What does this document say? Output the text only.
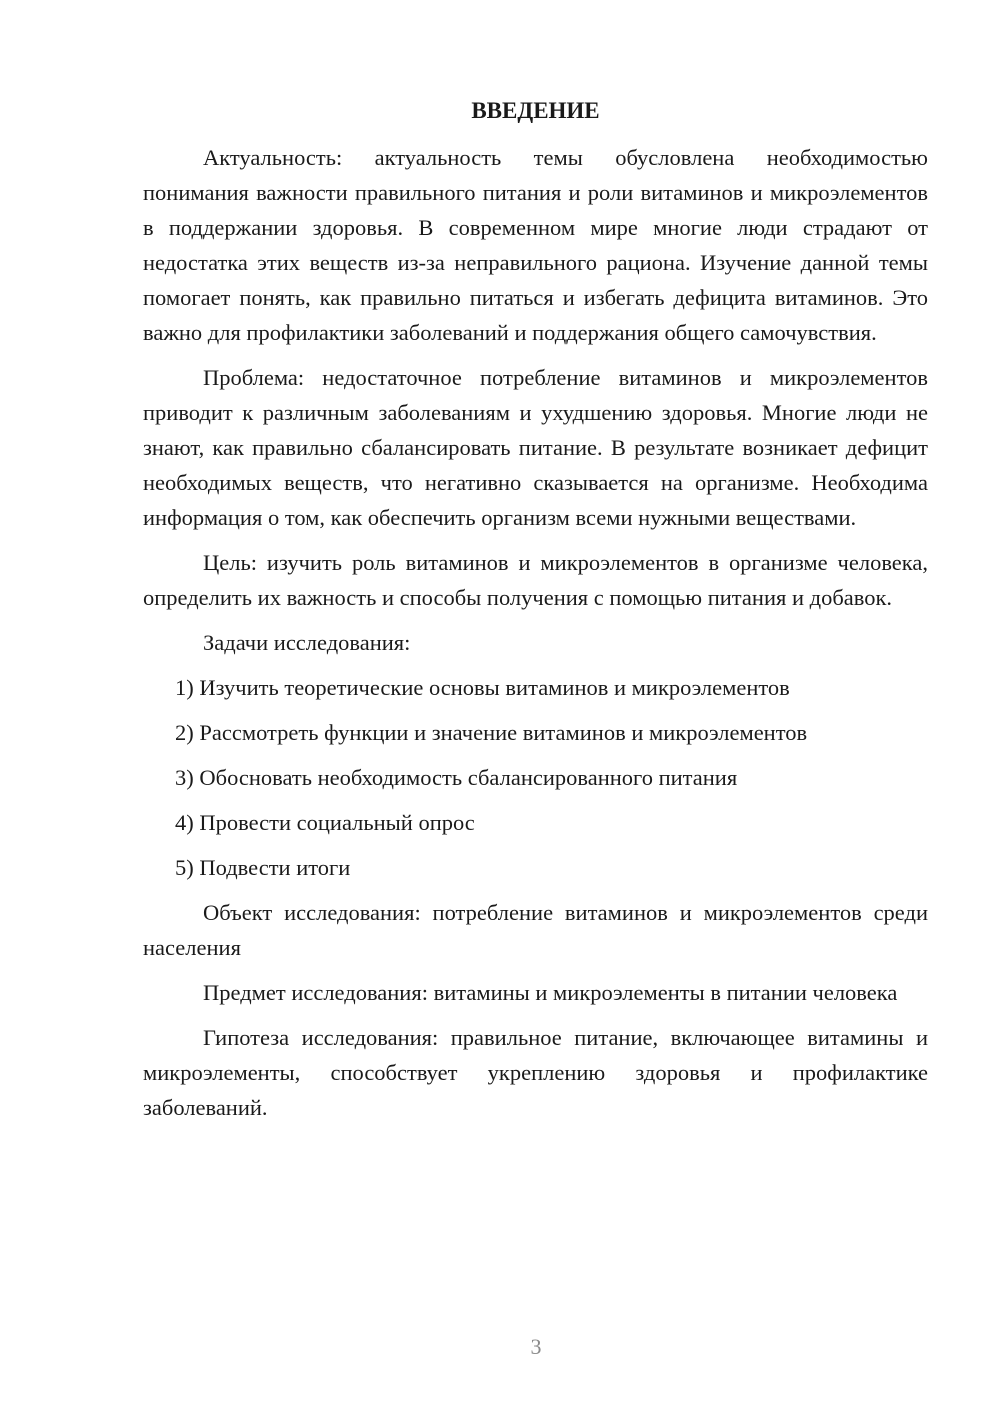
ВВЕДЕНИЕ

Актуальность: актуальность темы обусловлена необходимостью понимания важности правильного питания и роли витаминов и микроэлементов в поддержании здоровья. В современном мире многие люди страдают от недостатка этих веществ из-за неправильного рациона. Изучение данной темы помогает понять, как правильно питаться и избегать дефицита витаминов. Это важно для профилактики заболеваний и поддержания общего самочувствия.

Проблема: недостаточное потребление витаминов и микроэлементов приводит к различным заболеваниям и ухудшению здоровья. Многие люди не знают, как правильно сбалансировать питание. В результате возникает дефицит необходимых веществ, что негативно сказывается на организме. Необходима информация о том, как обеспечить организм всеми нужными веществами.

Цель: изучить роль витаминов и микроэлементов в организме человека, определить их важность и способы получения с помощью питания и добавок.

Задачи исследования:

1) Изучить теоретические основы витаминов и микроэлементов

2) Рассмотреть функции и значение витаминов и микроэлементов

3) Обосновать необходимость сбалансированного питания

4) Провести социальный опрос

5) Подвести итоги

Объект исследования: потребление витаминов и микроэлементов среди населения

Предмет исследования: витамины и микроэлементы в питании человека

Гипотеза исследования: правильное питание, включающее витамины и микроэлементы, способствует укреплению здоровья и профилактике заболеваний.

3
